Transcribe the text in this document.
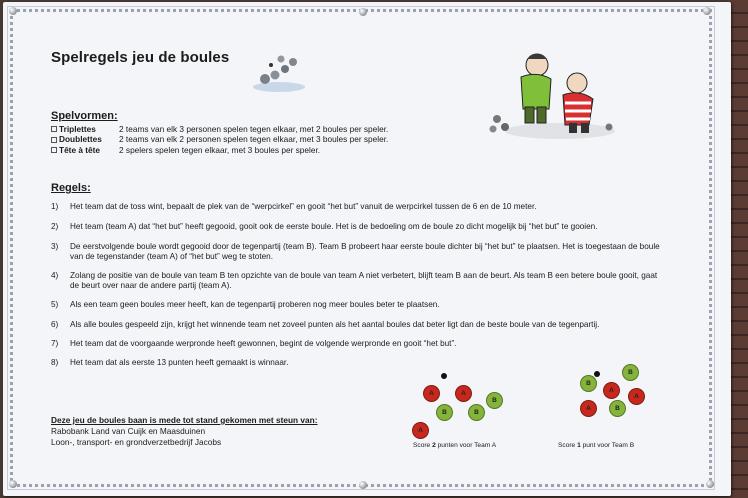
Spelregels jeu de boules
Spelvormen:
Triplettes	2 teams van elk 3 personen spelen tegen elkaar, met 2 boules per speler.
Doublettes 2 teams van elk 2 personen spelen tegen elkaar, met 3 boules per speler.
Tête à tête 2 spelers spelen tegen elkaar, met 3 boules per speler.
Regels:
1)	Het team dat de toss wint, bepaalt de plek van de “werpcirkel” en gooit “het but” vanuit de werpcirkel tussen de 6 en de 10 meter.
2)	Het team (team A) dat “het but” heeft gegooid, gooit ook de eerste boule. Het is de bedoeling om de boule zo dicht mogelijk bij “het but” te gooien.
3)	De eerstvolgende boule wordt gegooid door de tegenpartij (team B). Team B probeert haar eerste boule dichter bij “het but” te plaatsen. Het is toegestaan de boule van de tegenstander (team A) of “het but” weg te stoten.
4)	Zolang de positie van de boule van team B ten opzichte van de boule van team A niet verbetert, blijft team B aan de beurt. Als team B een betere boule gooit, gaat de beurt over naar de andere partij (team A).
5)	Als een team geen boules meer heeft, kan de tegenpartij proberen nog meer boules beter te plaatsen.
6)	Als alle boules gespeeld zijn, krijgt het winnende team net zoveel punten als het aantal boules dat beter ligt dan de beste boule van de tegenpartij.
7)	Het team dat de voorgaande werpronde heeft gewonnen, begint de volgende werpronde en gooit “het but”.
8)	Het team dat als eerste 13 punten heeft gemaakt is winnaar.
Deze jeu de boules baan is mede tot stand gekomen met steun van:
Rabobank Land van Cuijk en Maasduinen
Loon-, transport- en grondverzetbedrijf Jacobs
A	A
B
B	B
A
Score 2 punten voor Team A
B
B
A
A
A	B
Score 1 punt voor Team B
